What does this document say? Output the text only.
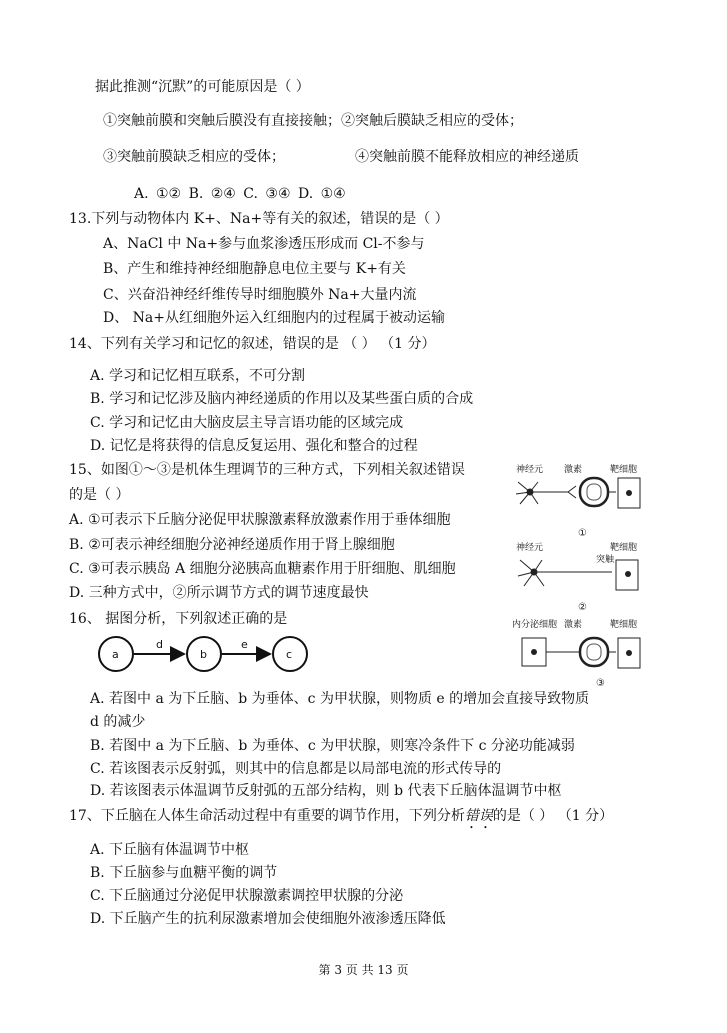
据此推测“沉默”的可能原因是（ ）
①突触前膜和突触后膜没有直接接触；②突触后膜缺乏相应的受体；
③突触前膜缺乏相应的受体；	④突触前膜不能释放相应的神经递质
A. ①② B. ②④ C. ③④ D. ①④
13.下列与动物体内 K+、Na+等有关的叙述，错误的是（ ）
A、NaCl 中 Na+参与血浆渗透压形成而 Cl-不参与
B、产生和维持神经细胞静息电位主要与 K+有关
C、兴奋沿神经纤维传导时细胞膜外 Na+大量内流
D、 Na+从红细胞外运入红细胞内的过程属于被动运输
14、下列有关学习和记忆的叙述，错误的是 （ ） （1 分）
A. 学习和记忆相互联系，不可分割
B. 学习和记忆涉及脑内神经递质的作用以及某些蛋白质的合成
C. 学习和记忆由大脑皮层主导言语功能的区域完成
D. 记忆是将获得的信息反复运用、强化和整合的过程
15、如图①～③是机体生理调节的三种方式，下列相关叙述错误
的是（ ）
A. ①可表示下丘脑分泌促甲状腺激素释放激素作用于垂体细胞
B. ②可表示神经细胞分泌神经递质作用于肾上腺细胞
C. ③可表示胰岛 A 细胞分泌胰高血糖素作用于肝细胞、肌细胞
D. 三种方式中，②所示调节方式的调节速度最快
神经元 激素	靶细胞
①
神经元	靶细胞
突触
②
内分泌细胞 激素	靶细胞
③
16、 据图分析，下列叙述正确的是
a
d
b
e
c
A. 若图中 a 为下丘脑、b 为垂体、c 为甲状腺，则物质 e 的增加会直接导致物质
d 的减少
B. 若图中 a 为下丘脑、b 为垂体、c 为甲状腺，则寒冷条件下 c 分泌功能减弱
C. 若该图表示反射弧，则其中的信息都是以局部电流的形式传导的
D. 若该图表示体温调节反射弧的五部分结构，则 b 代表下丘脑体温调节中枢
17、下丘脑在人体生命活动过程中有重要的调节作用，下列分析错误的是（ ） （1 分）
A. 下丘脑有体温调节中枢
B. 下丘脑参与血糖平衡的调节
C. 下丘脑通过分泌促甲状腺激素调控甲状腺的分泌
D. 下丘脑产生的抗利尿激素增加会使细胞外液渗透压降低
第 3 页 共 13 页
